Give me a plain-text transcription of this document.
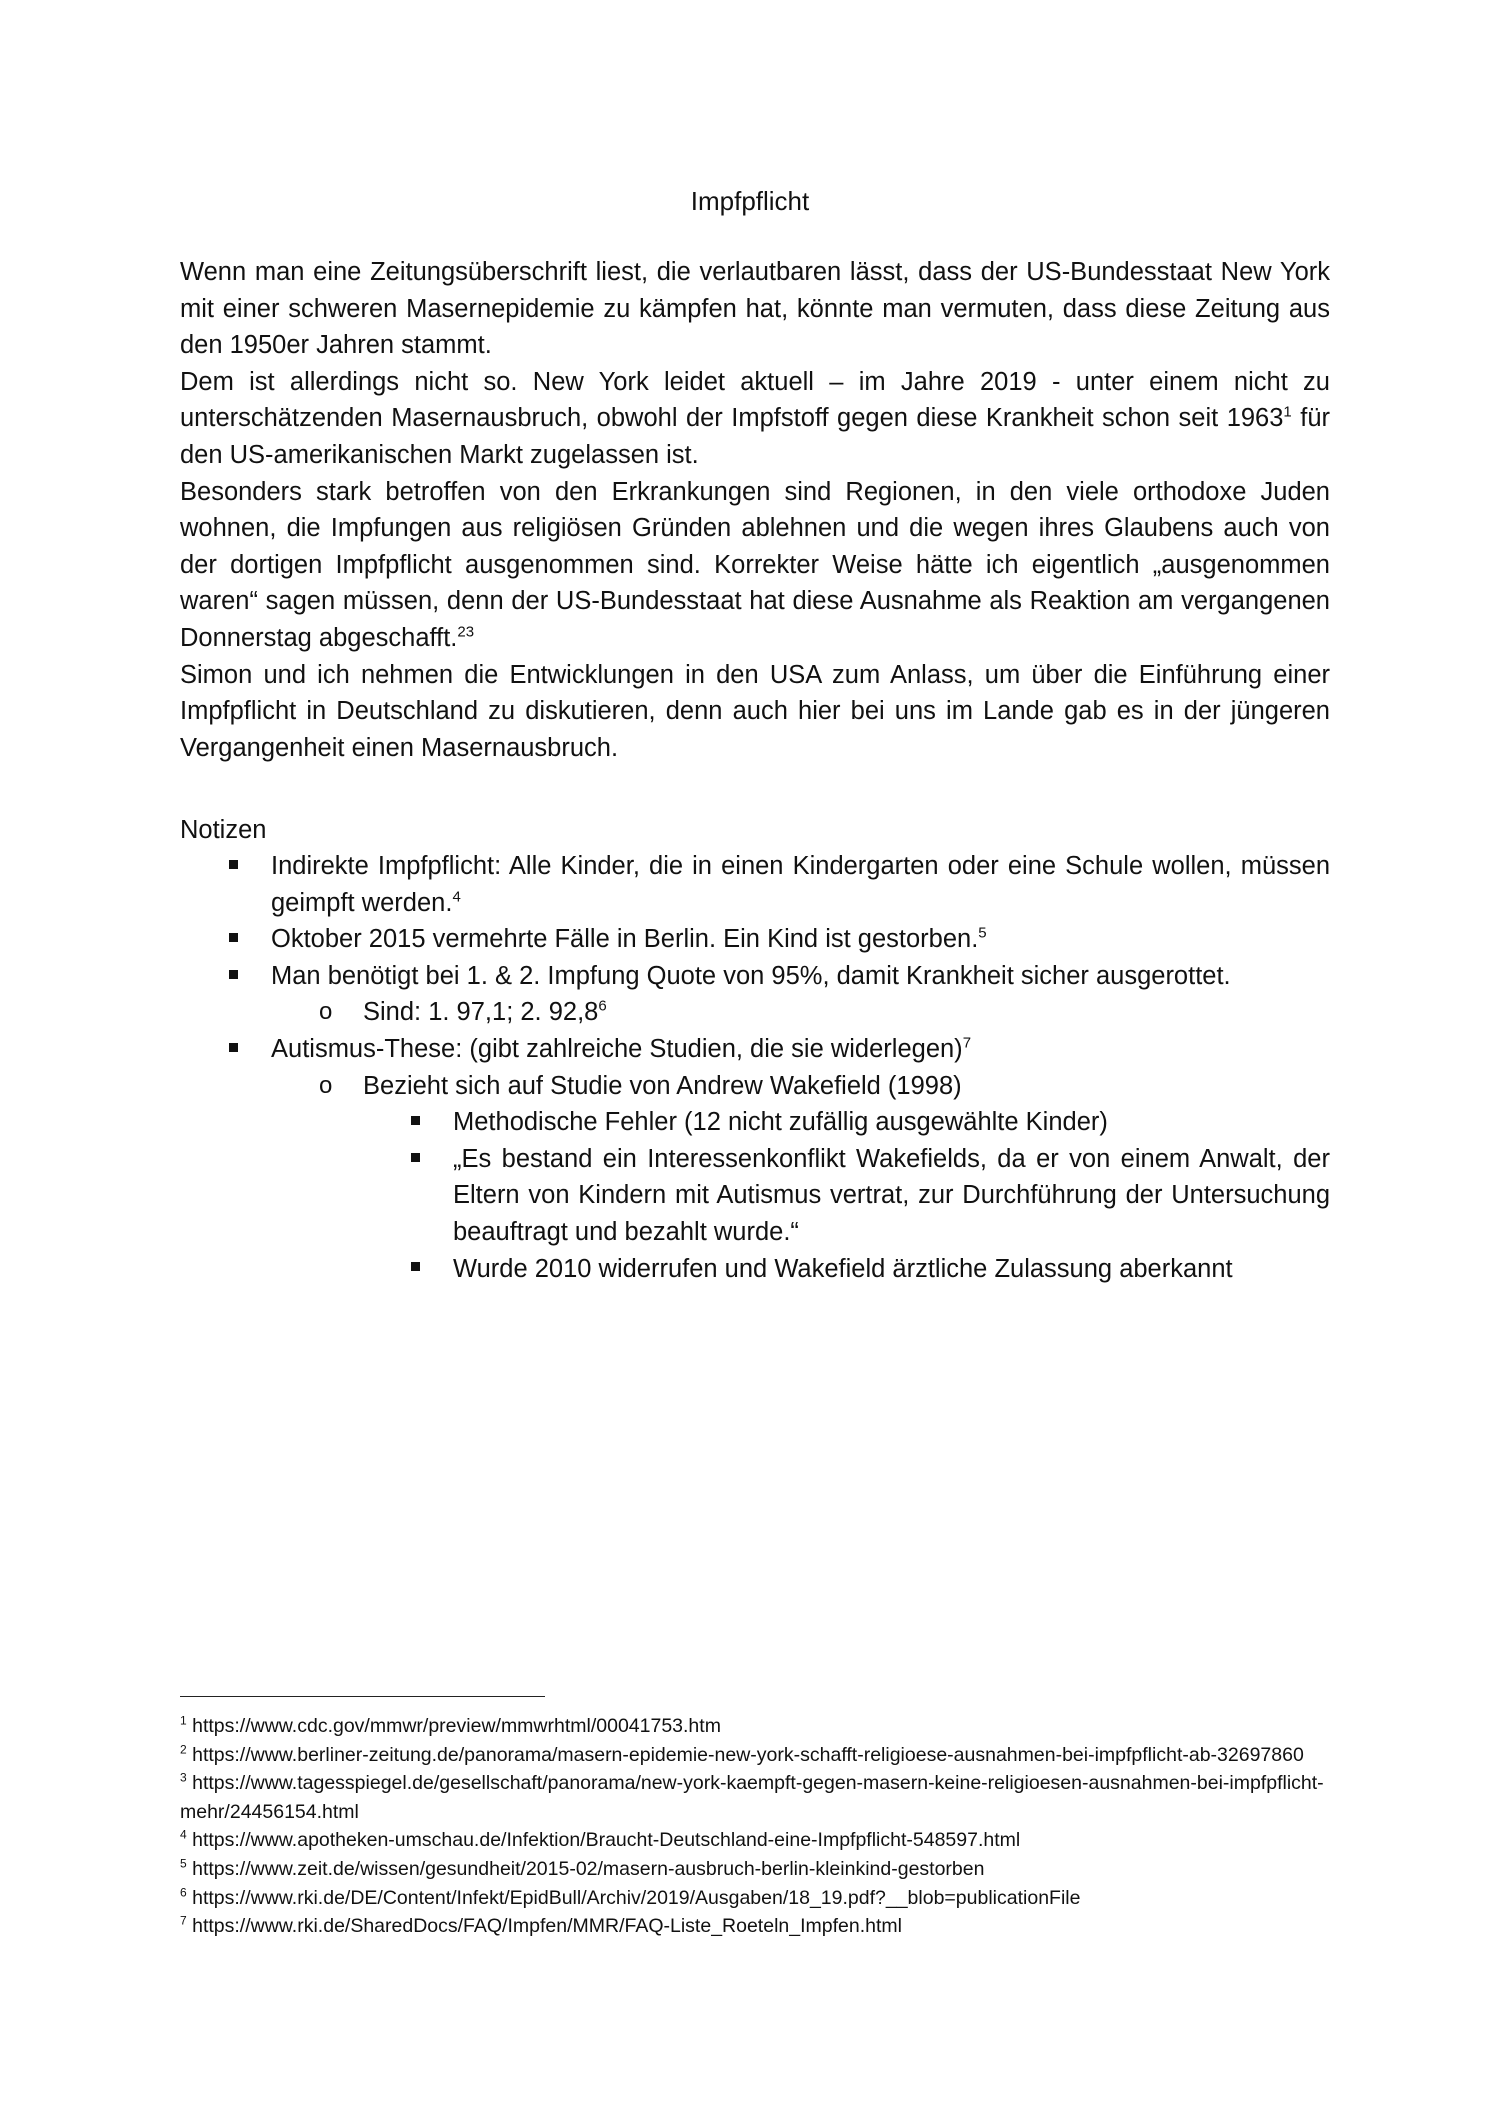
Impfpflicht

Wenn man eine Zeitungsüberschrift liest, die verlautbaren lässt, dass der US-Bundesstaat New York mit einer schweren Masernepidemie zu kämpfen hat, könnte man vermuten, dass diese Zeitung aus den 1950er Jahren stammt.

Dem ist allerdings nicht so. New York leidet aktuell – im Jahre 2019 - unter einem nicht zu unterschätzenden Masernausbruch, obwohl der Impfstoff gegen diese Krankheit schon seit 1963$^1$ für den US-amerikanischen Markt zugelassen ist.

Besonders stark betroffen von den Erkrankungen sind Regionen, in den viele orthodoxe Juden wohnen, die Impfungen aus religiösen Gründen ablehnen und die wegen ihres Glaubens auch von der dortigen Impfpflicht ausgenommen sind. Korrekter Weise hätte ich eigentlich „ausgenommen waren“ sagen müssen, denn der US-Bundesstaat hat diese Ausnahme als Reaktion am vergangenen Donnerstag abgeschafft.$^{23}$

Simon und ich nehmen die Entwicklungen in den USA zum Anlass, um über die Einführung einer Impfpflicht in Deutschland zu diskutieren, denn auch hier bei uns im Lande gab es in der jüngeren Vergangenheit einen Masernausbruch.

Notizen
Indirekte Impfpflicht: Alle Kinder, die in einen Kindergarten oder eine Schule wollen, müssen geimpft werden.$^4$
Oktober 2015 vermehrte Fälle in Berlin. Ein Kind ist gestorben.$^5$
Man benötigt bei 1. & 2. Impfung Quote von 95%, damit Krankheit sicher ausgerottet.
o Sind: 1. 97,1; 2. 92,8$^6$
Autismus-These: (gibt zahlreiche Studien, die sie widerlegen)$^7$
o Bezieht sich auf Studie von Andrew Wakefield (1998)
Methodische Fehler (12 nicht zufällig ausgewählte Kinder)
„Es bestand ein Interessenkonflikt Wakefields, da er von einem Anwalt, der Eltern von Kindern mit Autismus vertrat, zur Durchführung der Untersuchung beauftragt und bezahlt wurde.“
Wurde 2010 widerrufen und Wakefield ärztliche Zulassung aberkannt
$^1$ https://www.cdc.gov/mmwr/preview/mmwrhtml/00041753.htm
$^2$ https://www.berliner-zeitung.de/panorama/masern-epidemie-new-york-schafft-religioese-ausnahmen-bei-impfpflicht-ab-32697860
$^3$ https://www.tagesspiegel.de/gesellschaft/panorama/new-york-kaempft-gegen-masern-keine-religioesen-ausnahmen-bei-impfpflicht-mehr/24456154.html
$^4$ https://www.apotheken-umschau.de/Infektion/Braucht-Deutschland-eine-Impfpflicht-548597.html
$^5$ https://www.zeit.de/wissen/gesundheit/2015-02/masern-ausbruch-berlin-kleinkind-gestorben
$^6$ https://www.rki.de/DE/Content/Infekt/EpidBull/Archiv/2019/Ausgaben/18_19.pdf?__blob=publicationFile
$^7$ https://www.rki.de/SharedDocs/FAQ/Impfen/MMR/FAQ-Liste_Roeteln_Impfen.html
